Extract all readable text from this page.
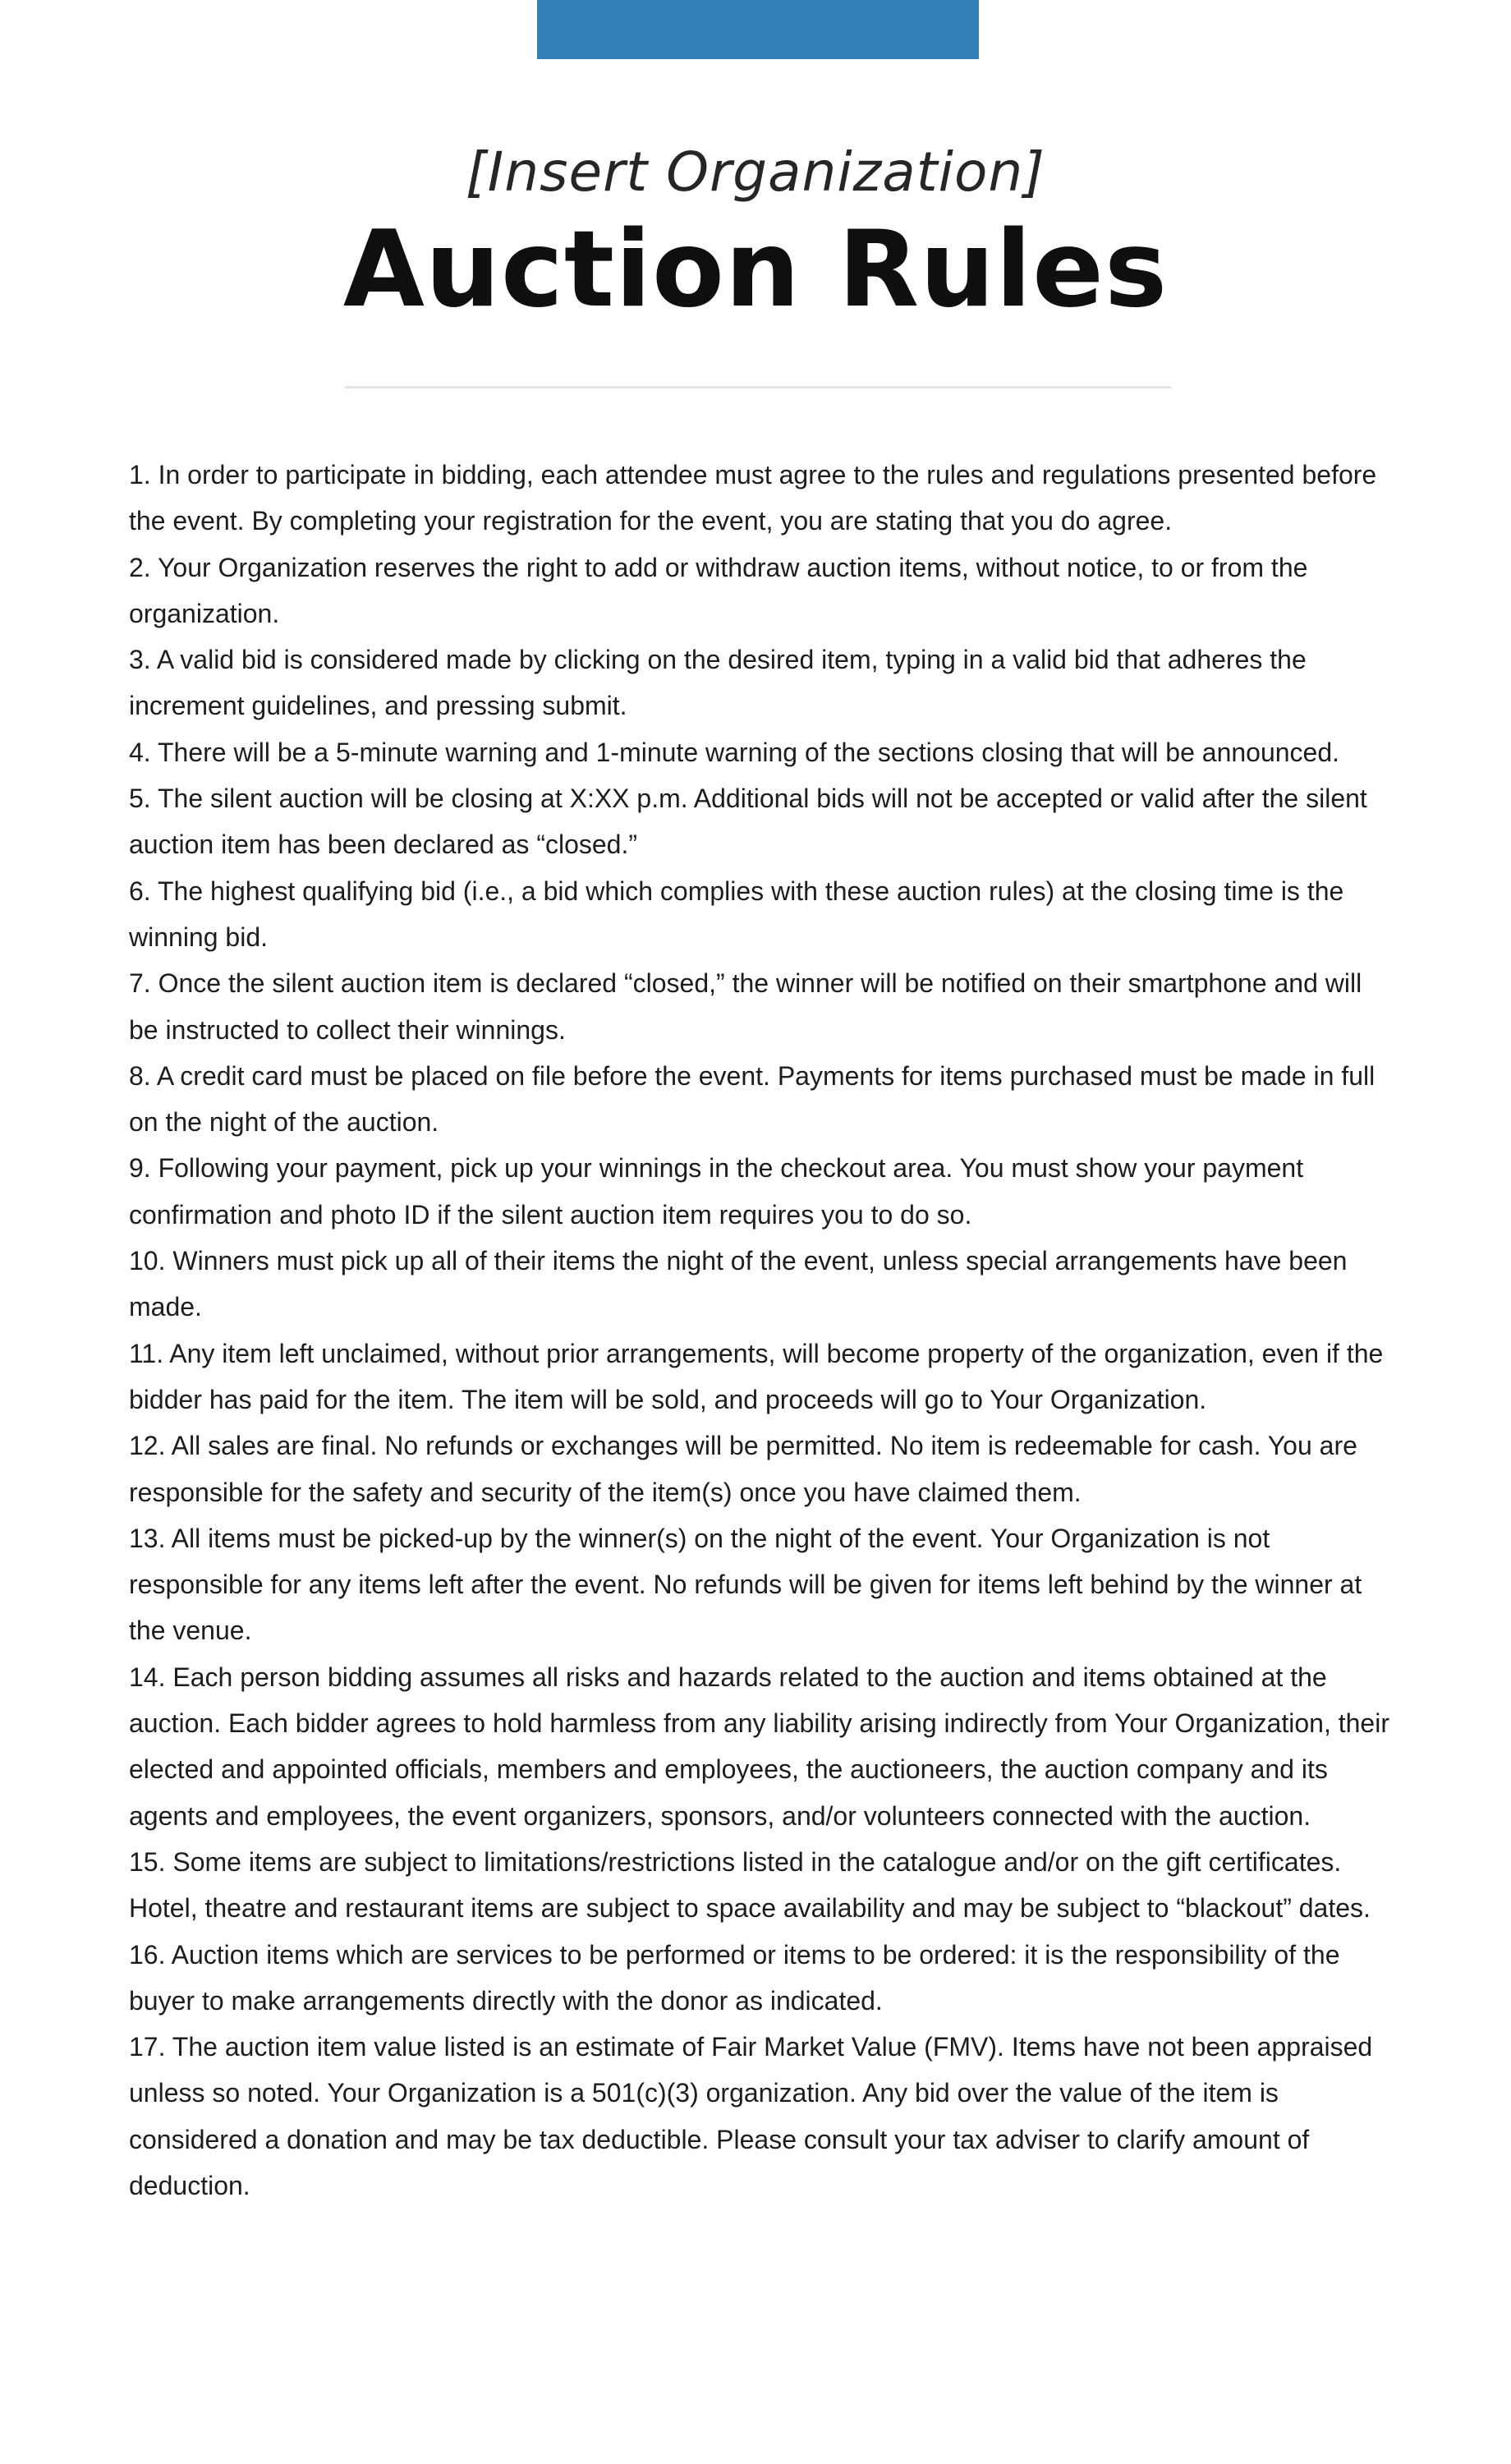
[Insert Organization]
Auction Rules
1. In order to participate in bidding, each attendee must agree to the rules and regulations presented before the event. By completing your registration for the event, you are stating that you do agree.
2. Your Organization reserves the right to add or withdraw auction items, without notice, to or from the organization.
3. A valid bid is considered made by clicking on the desired item, typing in a valid bid that adheres the increment guidelines, and pressing submit.
4. There will be a 5-minute warning and 1-minute warning of the sections closing that will be announced.
5. The silent auction will be closing at X:XX p.m. Additional bids will not be accepted or valid after the silent auction item has been declared as “closed.”
6. The highest qualifying bid (i.e., a bid which complies with these auction rules) at the closing time is the winning bid.
7. Once the silent auction item is declared “closed,” the winner will be notified on their smartphone and will be instructed to collect their winnings.
8. A credit card must be placed on file before the event. Payments for items purchased must be made in full on the night of the auction.
9. Following your payment, pick up your winnings in the checkout area. You must show your payment confirmation and photo ID if the silent auction item requires you to do so.
10. Winners must pick up all of their items the night of the event, unless special arrangements have been made.
11. Any item left unclaimed, without prior arrangements, will become property of the organization, even if the bidder has paid for the item. The item will be sold, and proceeds will go to Your Organization.
12. All sales are final. No refunds or exchanges will be permitted. No item is redeemable for cash. You are responsible for the safety and security of the item(s) once you have claimed them.
13. All items must be picked-up by the winner(s) on the night of the event. Your Organization is not responsible for any items left after the event. No refunds will be given for items left behind by the winner at the venue.
14. Each person bidding assumes all risks and hazards related to the auction and items obtained at the auction. Each bidder agrees to hold harmless from any liability arising indirectly from Your Organization, their elected and appointed officials, members and employees, the auctioneers, the auction company and its agents and employees, the event organizers, sponsors, and/or volunteers connected with the auction.
15. Some items are subject to limitations/restrictions listed in the catalogue and/or on the gift certificates. Hotel, theatre and restaurant items are subject to space availability and may be subject to “blackout” dates.
16. Auction items which are services to be performed or items to be ordered: it is the responsibility of the buyer to make arrangements directly with the donor as indicated.
17. The auction item value listed is an estimate of Fair Market Value (FMV). Items have not been appraised unless so noted. Your Organization is a 501(c)(3) organization. Any bid over the value of the item is considered a donation and may be tax deductible. Please consult your tax adviser to clarify amount of deduction.
